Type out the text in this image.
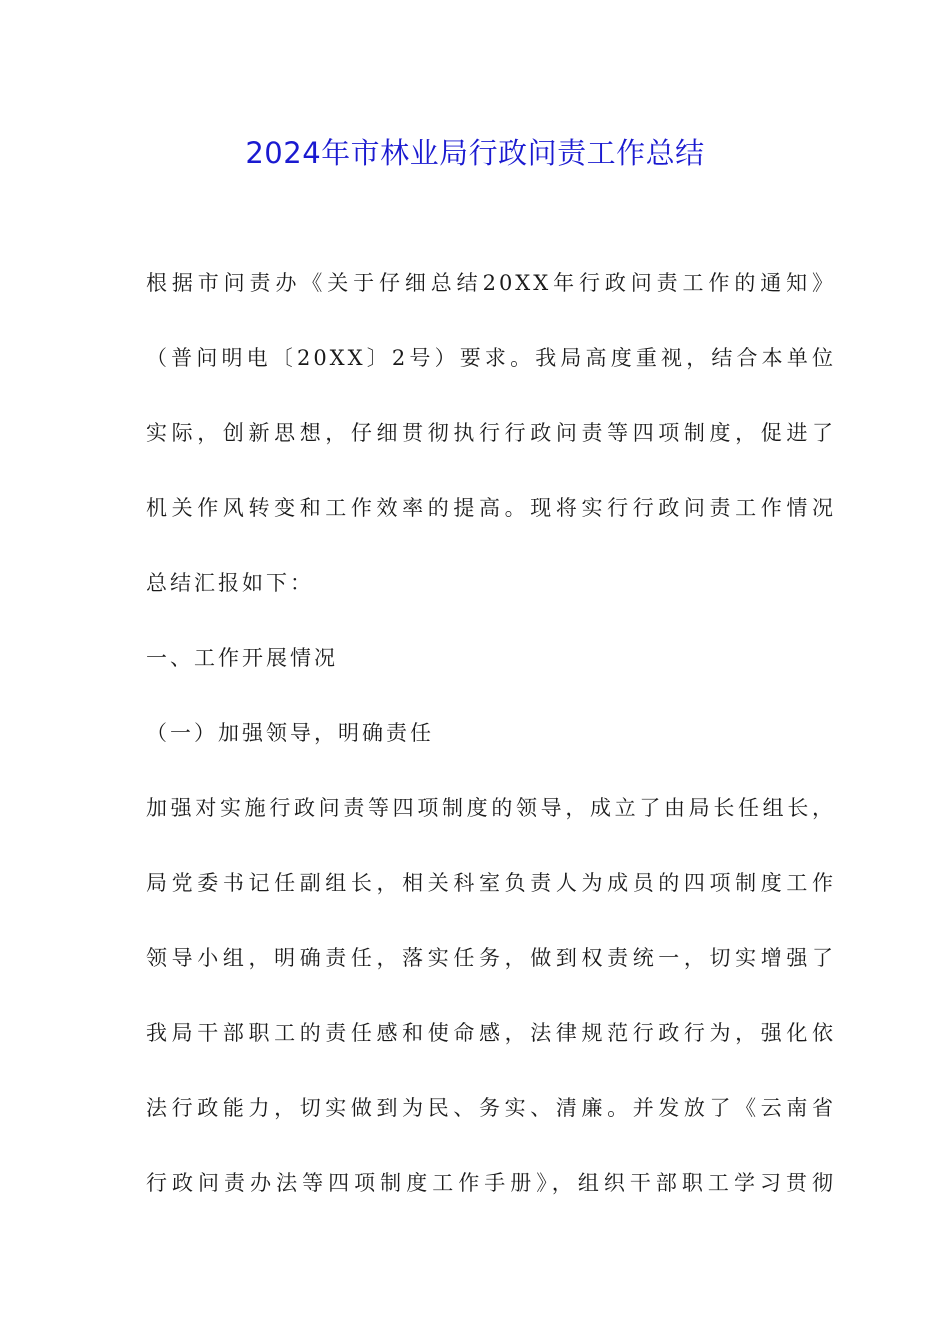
2024年市林业局行政问责工作总结
根据市问责办《关于仔细总结20XX年行政问责工作的通知》
（普问明电〔20XX〕2号）要求。我局高度重视，结合本单位
实际，创新思想，仔细贯彻执行行政问责等四项制度，促进了
机关作风转变和工作效率的提高。现将实行行政问责工作情况
总结汇报如下：
一、工作开展情况
（一）加强领导，明确责任
加强对实施行政问责等四项制度的领导，成立了由局长任组长，
局党委书记任副组长，相关科室负责人为成员的四项制度工作
领导小组，明确责任，落实任务，做到权责统一，切实增强了
我局干部职工的责任感和使命感，法律规范行政行为，强化依
法行政能力，切实做到为民、务实、清廉。并发放了《云南省
行政问责办法等四项制度工作手册》，组织干部职工学习贯彻
